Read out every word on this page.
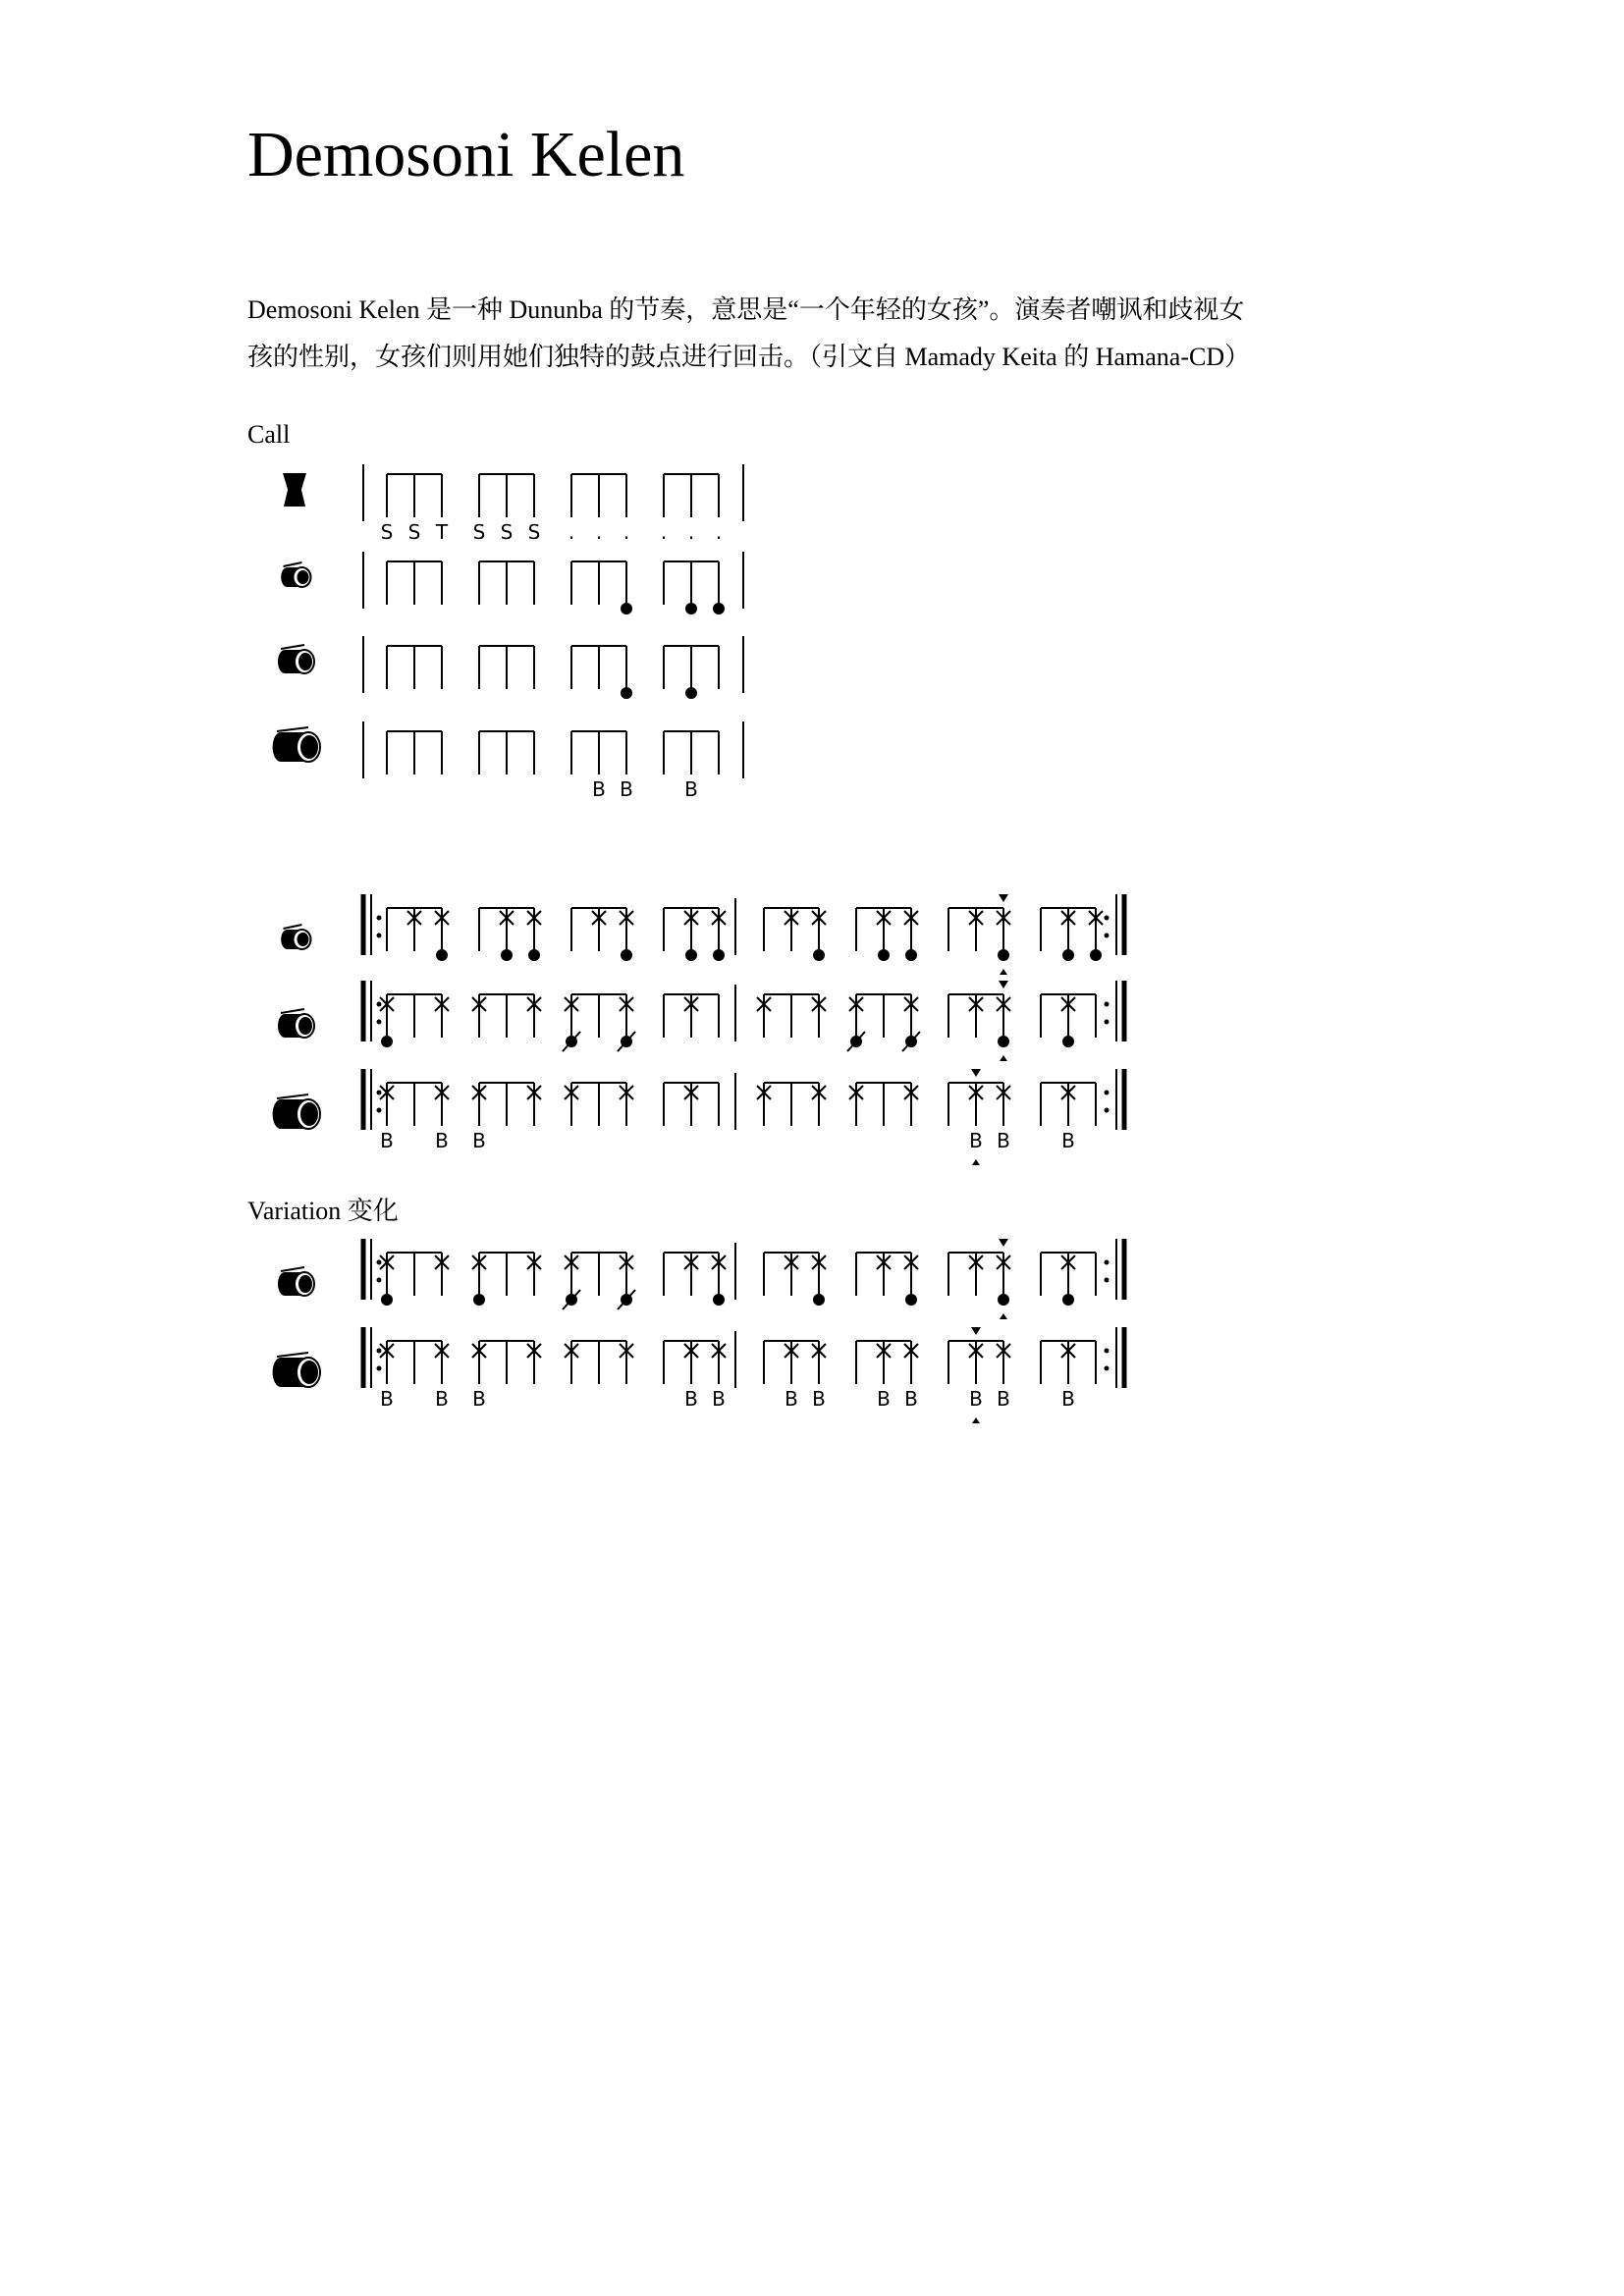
Demosoni Kelen
Demosoni Kelen 是一种 Dununba 的节奏，意思是“一个年轻的女孩”。演奏者嘲讽和歧视女
孩的性别，女孩们则用她们独特的鼓点进行回击。（引文自 Mamady Keita 的 Hamana-CD）
Call
Variation 变化
S S T S S S . . . . . .
B B	B
B B B	B B	B
B B B	B B	B B	B B	B B	B
